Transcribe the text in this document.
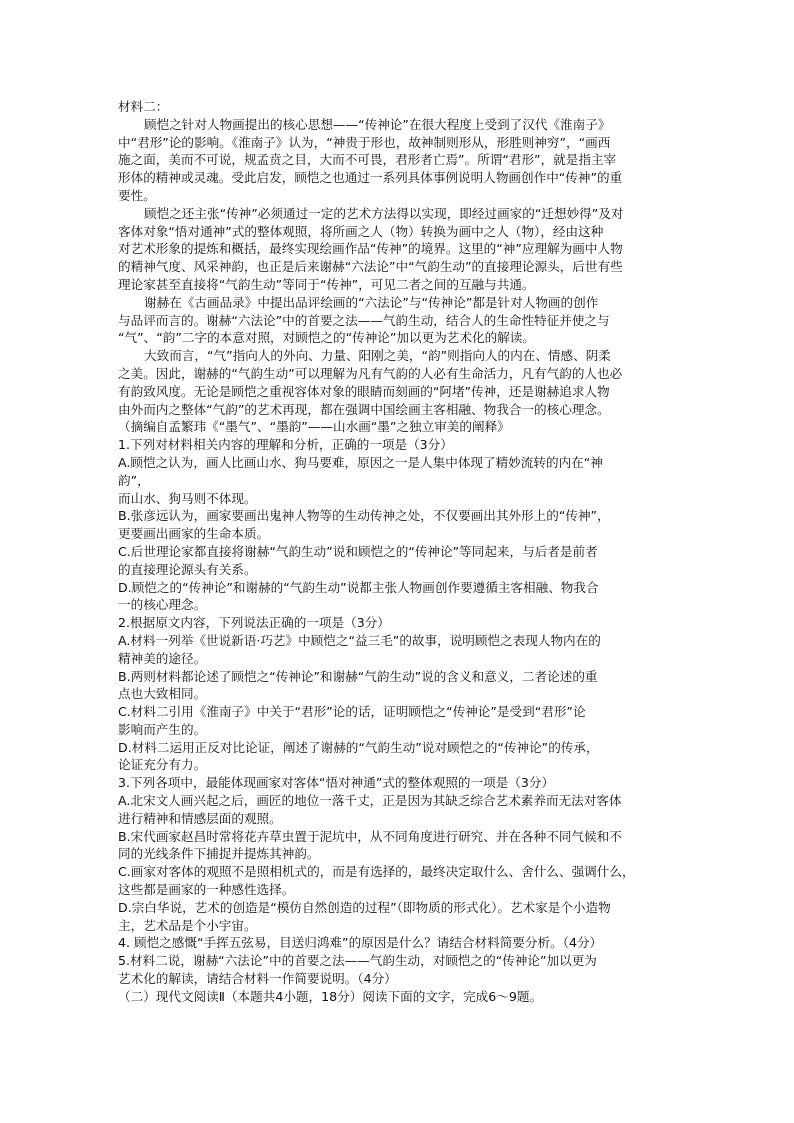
材料二：
顾恺之针对人物画提出的核心思想——“传神论”在很大程度上受到了汉代《淮南子》
中“君形”论的影响。《淮南子》认为，“神贵于形也，故神制则形从，形胜则神穷”，“画西
施之面，美而不可说，规孟贲之目，大而不可畏，君形者亡焉”。所谓“君形”，就是指主宰
形体的精神或灵魂。受此启发，顾恺之也通过一系列具体事例说明人物画创作中“传神”的重
要性。
顾恺之还主张“传神”必须通过一定的艺术方法得以实现，即经过画家的“迁想妙得”及对
客体对象“悟对通神”式的整体观照，将所画之人（物）转换为画中之人（物），经由这种
对艺术形象的提炼和概括，最终实现绘画作品“传神”的境界。这里的“神”应理解为画中人物
的精神气度、风采神韵，也正是后来谢赫“六法论”中“气韵生动”的直接理论源头，后世有些
理论家甚至直接将“气韵生动”等同于“传神”，可见二者之间的互融与共通。
谢赫在《古画品录》中提出品评绘画的“六法论”与“传神论”都是针对人物画的创作
与品评而言的。谢赫“六法论”中的首要之法——气韵生动，结合人的生命性特征并使之与
“气”、“韵”二字的本意对照，对顾恺之的“传神论”加以更为艺术化的解读。
大致而言，“气”指向人的外向、力量、阳刚之美，“韵”则指向人的内在、情感、阴柔
之美。因此，谢赫的“气韵生动”可以理解为凡有气韵的人必有生命活力，凡有气韵的人也必
有韵致风度。无论是顾恺之重视容体对象的眼睛而刻画的“阿堵”传神，还是谢赫追求人物
由外而内之整体“气韵”的艺术再现，都在强调中国绘画主客相融、物我合一的核心理念。
（摘编自孟繁玮《“墨气”、“墨韵”——山水画“墨”之独立审美的阐释》
1.下列对材料相关内容的理解和分析，正确的一项是（3分）
A.顾恺之认为，画人比画山水、狗马要难，原因之一是人集中体现了精妙流转的内在“神
韵”，
而山水、狗马则不体现。
B.张彦远认为，画家要画出鬼神人物等的生动传神之处，不仅要画出其外形上的“传神”，
更要画出画家的生命本质。
C.后世理论家都直接将谢赫“气韵生动”说和顾恺之的“传神论”等同起来，与后者是前者
的直接理论源头有关系。
D.顾恺之的“传神论”和谢赫的“气韵生动”说都主张人物画创作要遵循主客相融、物我合
一的核心理念。
2.根据原文内容，下列说法正确的一项是（3分）
A.材料一列举《世说新语·巧艺》中顾恺之“益三毛”的故事，说明顾恺之表现人物内在的
精神美的途径。
B.两则材料都论述了顾恺之“传神论”和谢赫“气韵生动”说的含义和意义，二者论述的重
点也大致相同。
C.材料二引用《淮南子》中关于“君形”论的话，证明顾恺之“传神论”是受到“君形”论
影响而产生的。
D.材料二运用正反对比论证，阐述了谢赫的“气韵生动”说对顾恺之的“传神论”的传承，
论证充分有力。
3.下列各项中，最能体现画家对客体“悟对神通”式的整体观照的一项是（3分）
A.北宋文人画兴起之后，画匠的地位一落千丈，正是因为其缺乏综合艺术素养而无法对客体
进行精神和情感层面的观照。
B.宋代画家赵昌时常将花卉草虫置于泥坑中，从不同角度进行研究、并在各种不同气候和不
同的光线条件下捕捉并提炼其神韵。
C.画家对客体的观照不是照相机式的，而是有选择的，最终决定取什么、舍什么、强调什么，
这些都是画家的一种感性选择。
D.宗白华说，艺术的创造是“模仿自然创造的过程”（即物质的形式化）。艺术家是个小造物
主，艺术品是个小宇宙。
4. 顾恺之感慨“手挥五弦易，目送归鸿难”的原因是什么？请结合材料简要分析。（4分）
5.材料二说，谢赫“六法论”中的首要之法——气韵生动，对顾恺之的“传神论”加以更为
艺术化的解读，请结合材料一作简要说明。（4分）
（二）现代文阅读Ⅱ（本题共4小题，18分）阅读下面的文字，完成6～9题。
